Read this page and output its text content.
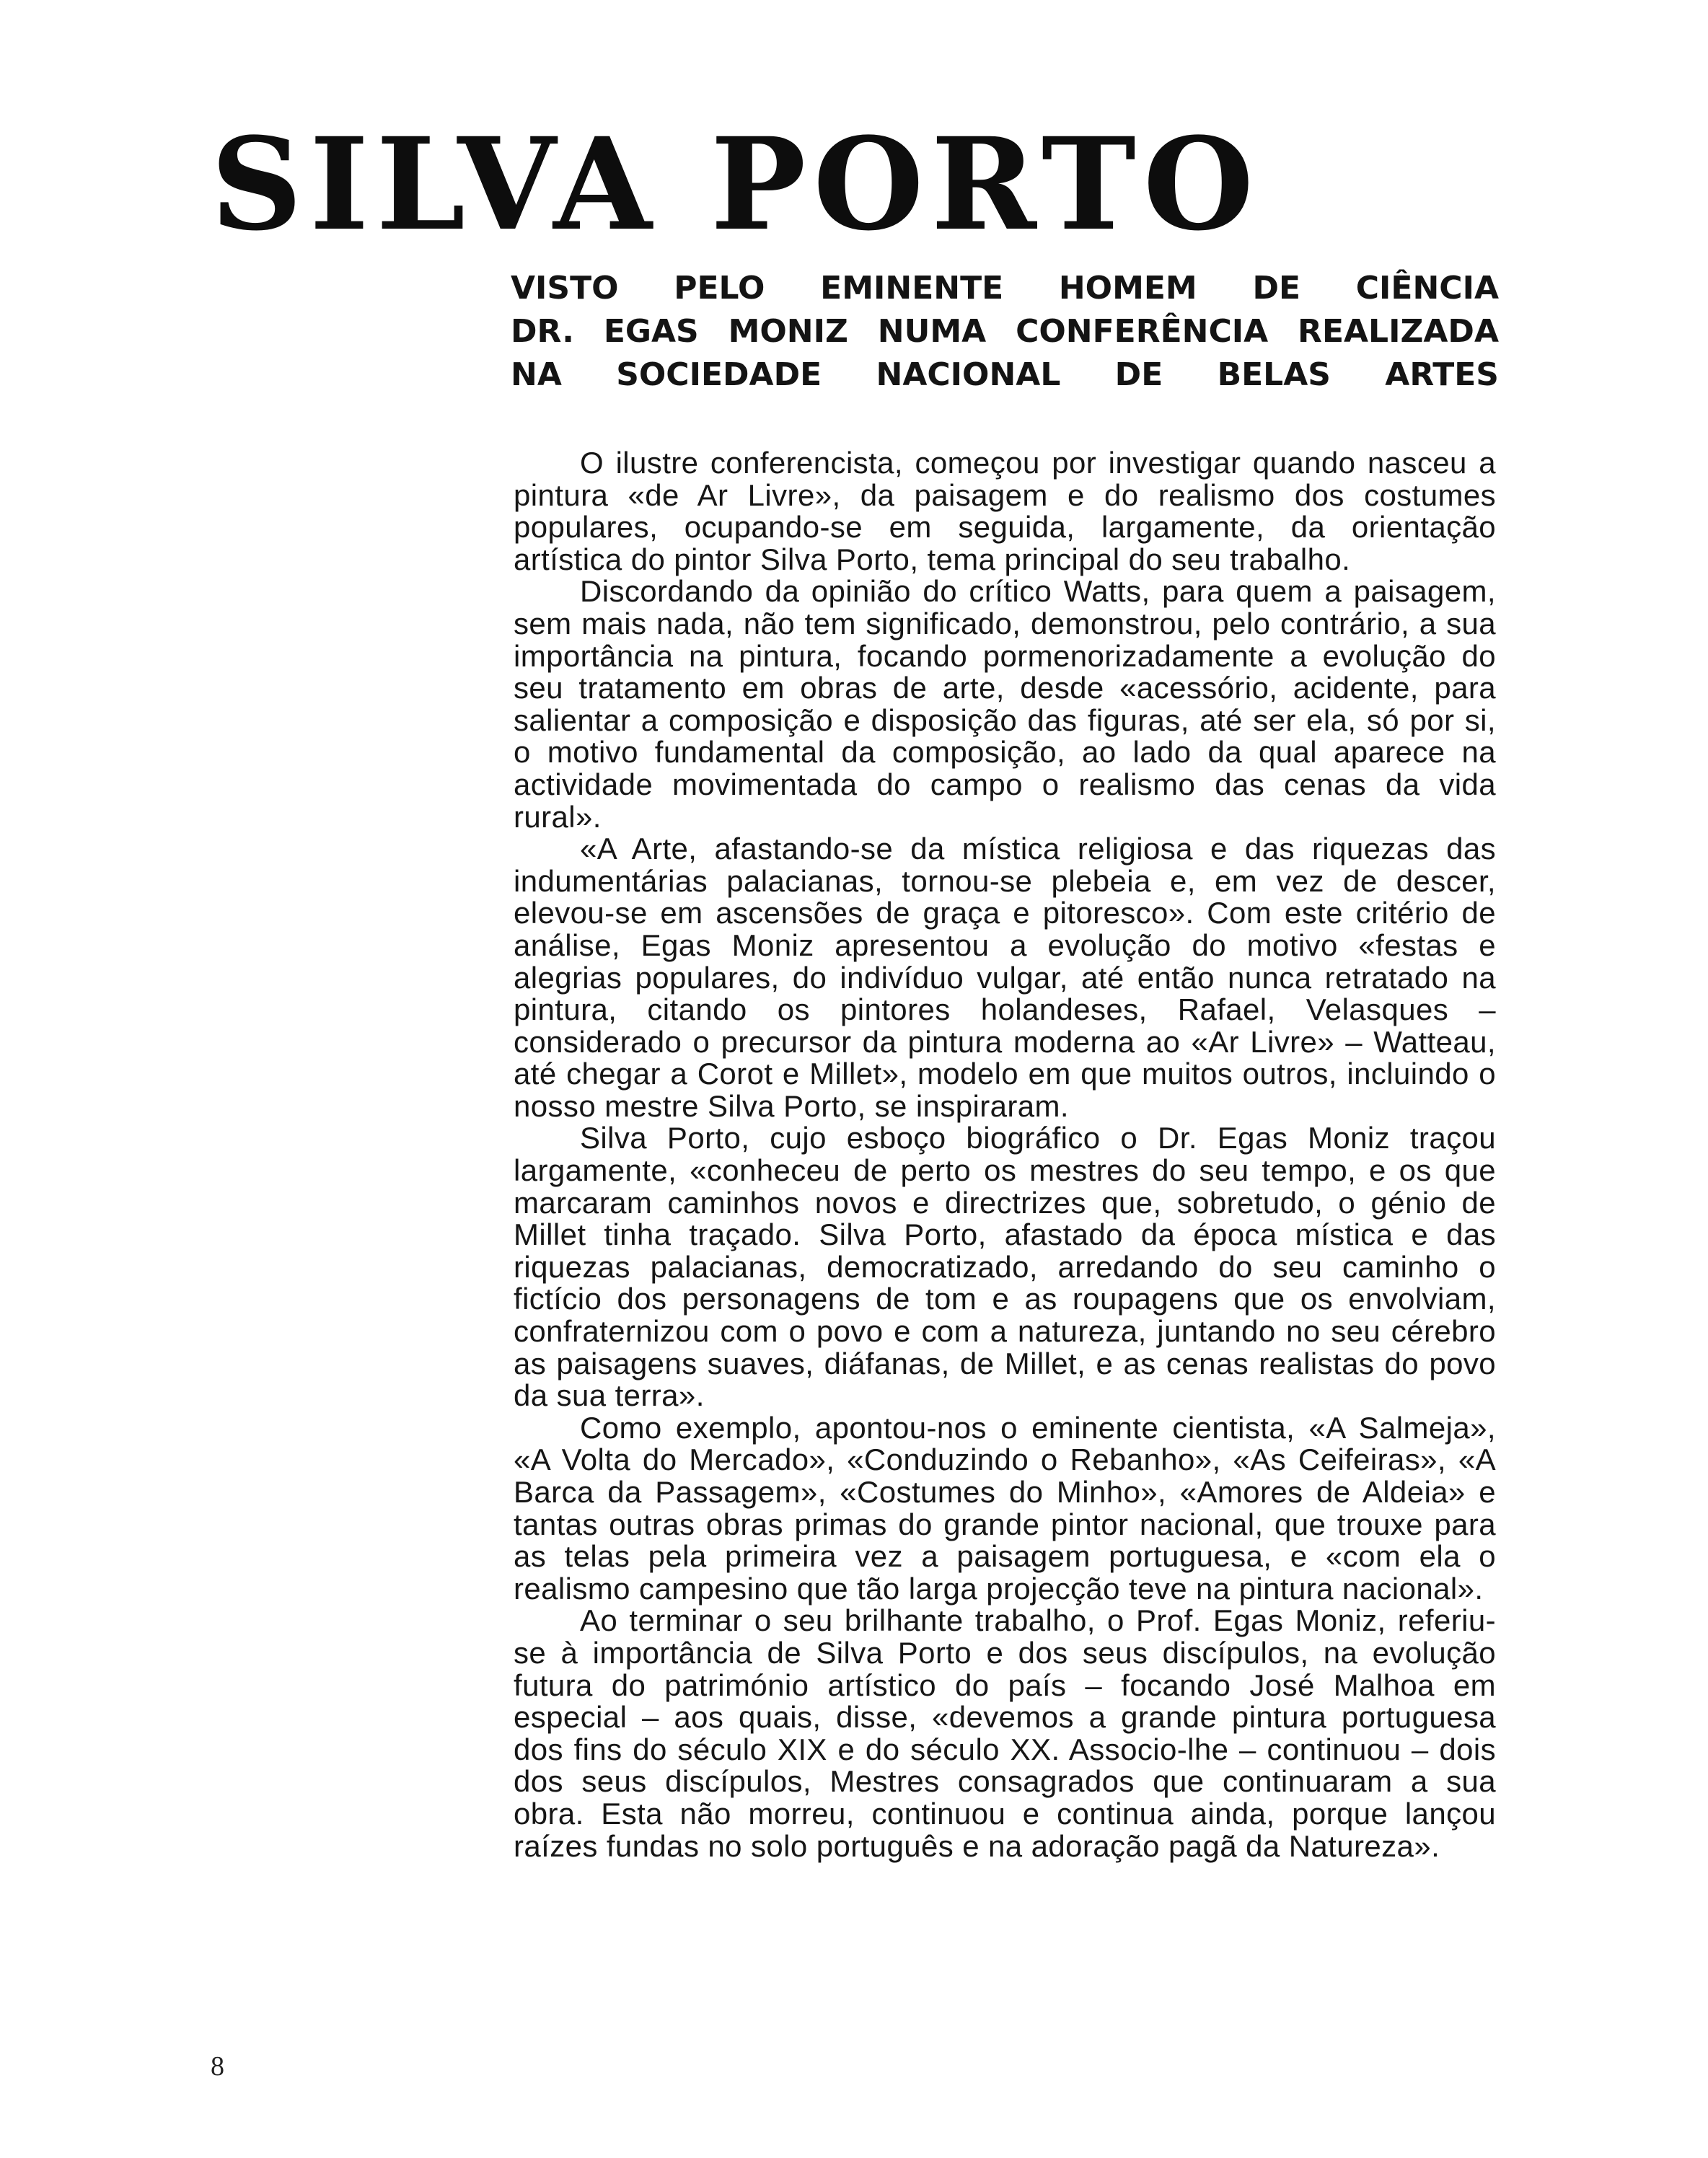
SILVA PORTO
VISTO PELO EMINENTE HOMEM DE CIÊNCIA
DR. EGAS MONIZ NUMA CONFERÊNCIA REALIZADA
NA SOCIEDADE NACIONAL DE BELAS ARTES

O ilustre conferencista, começou por investigar quando nasceu a pintura «de Ar Livre», da paisagem e do realismo dos costumes populares, ocupando-se em seguida, largamente, da orientação artística do pintor Silva Porto, tema principal do seu trabalho.

Discordando da opinião do crítico Watts, para quem a paisagem, sem mais nada, não tem significado, demonstrou, pelo contrário, a sua importância na pintura, focando pormenorizadamente a evolução do seu tratamento em obras de arte, desde «acessório, acidente, para salientar a composição e disposição das figuras, até ser ela, só por si, o motivo fundamental da composição, ao lado da qual aparece na actividade movimentada do campo o realismo das cenas da vida rural».

«A Arte, afastando-se da mística religiosa e das riquezas das indumentárias palacianas, tornou-se plebeia e, em vez de descer, elevou-se em ascensões de graça e pitoresco». Com este critério de análise, Egas Moniz apresentou a evolução do motivo «festas e alegrias populares, do indivíduo vulgar, até então nunca retratado na pintura, citando os pintores holandeses, Rafael, Velasques – considerado o precursor da pintura moderna ao «Ar Livre» – Watteau, até chegar a Corot e Millet», modelo em que muitos outros, incluindo o nosso mestre Silva Porto, se inspiraram.

Silva Porto, cujo esboço biográfico o Dr. Egas Moniz traçou largamente, «conheceu de perto os mestres do seu tempo, e os que marcaram caminhos novos e directrizes que, sobretudo, o génio de Millet tinha traçado. Silva Porto, afastado da época mística e das riquezas palacianas, democratizado, arredando do seu caminho o fictício dos personagens de tom e as roupagens que os envolviam, confraternizou com o povo e com a natureza, juntando no seu cérebro as paisagens suaves, diáfanas, de Millet, e as cenas realistas do povo da sua terra».

Como exemplo, apontou-nos o eminente cientista, «A Salmeja», «A Volta do Mercado», «Conduzindo o Rebanho», «As Ceifeiras», «A Barca da Passagem», «Costumes do Minho», «Amores de Aldeia» e tantas outras obras primas do grande pintor nacional, que trouxe para as telas pela primeira vez a paisagem portuguesa, e «com ela o realismo campesino que tão larga projecção teve na pintura nacional».

Ao terminar o seu brilhante trabalho, o Prof. Egas Moniz, referiu-se à importância de Silva Porto e dos seus discípulos, na evolução futura do património artístico do país – focando José Malhoa em especial – aos quais, disse, «devemos a grande pintura portuguesa dos fins do século XIX e do século XX. Associo-lhe – continuou – dois dos seus discípulos, Mestres consagrados que continuaram a sua obra. Esta não morreu, continuou e continua ainda, porque lançou raízes fundas no solo português e na adoração pagã da Natureza».

8
